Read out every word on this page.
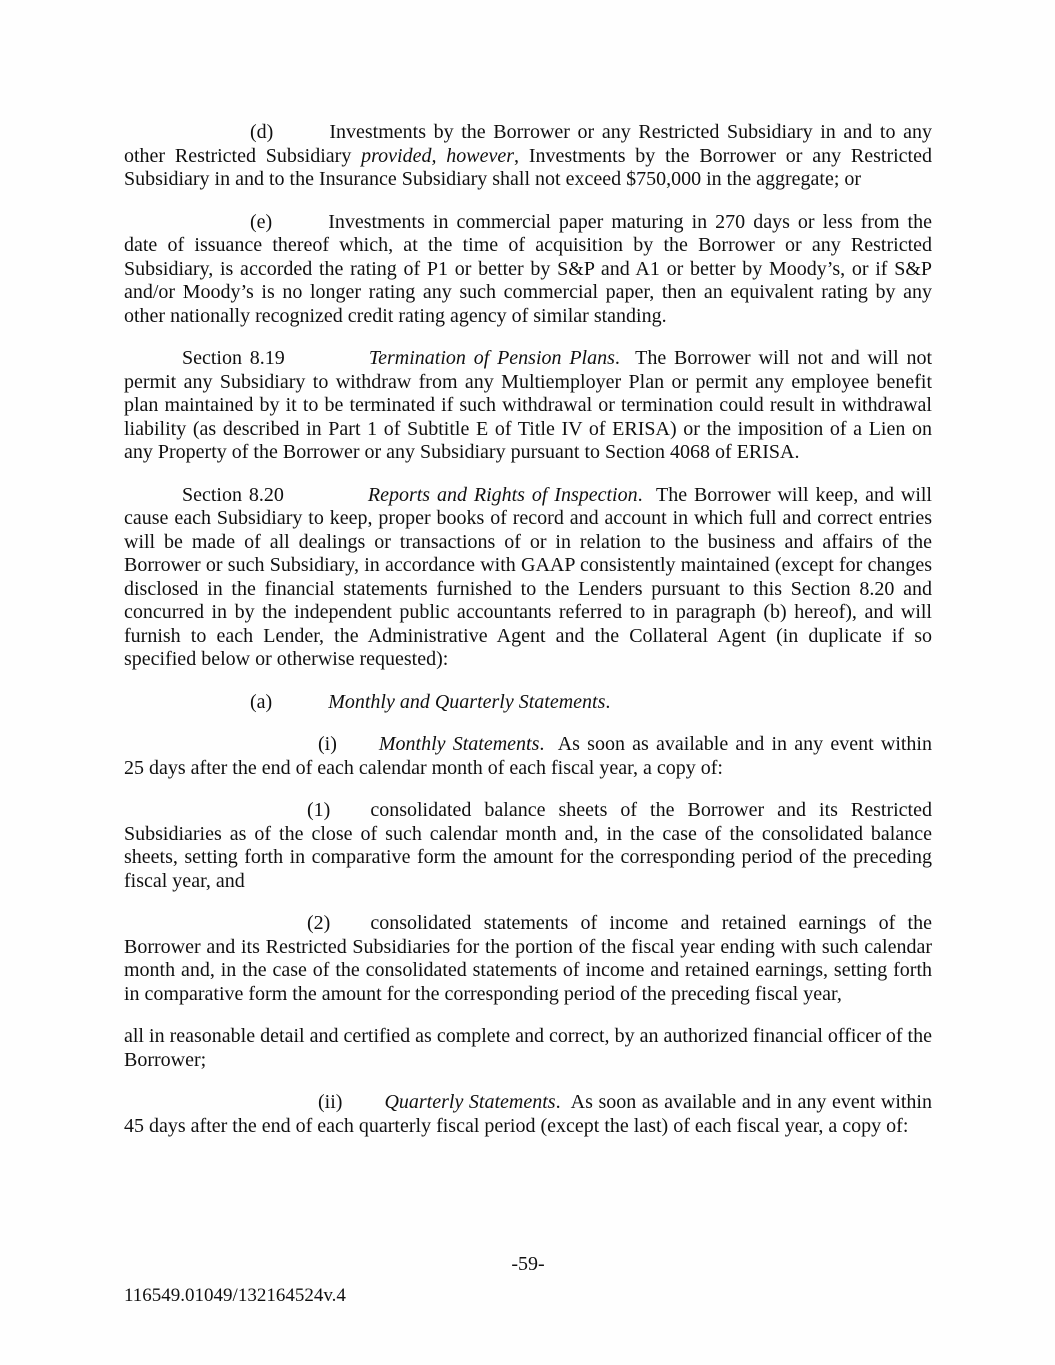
(d)	Investments by the Borrower or any Restricted Subsidiary in and to any other Restricted Subsidiary provided, however, Investments by the Borrower or any Restricted Subsidiary in and to the Insurance Subsidiary shall not exceed $750,000 in the aggregate; or

(e)	Investments in commercial paper maturing in 270 days or less from the date of issuance thereof which, at the time of acquisition by the Borrower or any Restricted Subsidiary, is accorded the rating of P1 or better by S&P and A1 or better by Moody’s, or if S&P and/or Moody’s is no longer rating any such commercial paper, then an equivalent rating by any other nationally recognized credit rating agency of similar standing.

Section 8.19	Termination of Pension Plans.  The Borrower will not and will not permit any Subsidiary to withdraw from any Multiemployer Plan or permit any employee benefit plan maintained by it to be terminated if such withdrawal or termination could result in withdrawal liability (as described in Part 1 of Subtitle E of Title IV of ERISA) or the imposition of a Lien on any Property of the Borrower or any Subsidiary pursuant to Section 4068 of ERISA.

Section 8.20	Reports and Rights of Inspection.  The Borrower will keep, and will cause each Subsidiary to keep, proper books of record and account in which full and correct entries will be made of all dealings or transactions of or in relation to the business and affairs of the Borrower or such Subsidiary, in accordance with GAAP consistently maintained (except for changes disclosed in the financial statements furnished to the Lenders pursuant to this Section 8.20 and concurred in by the independent public accountants referred to in paragraph (b) hereof), and will furnish to each Lender, the Administrative Agent and the Collateral Agent (in duplicate if so specified below or otherwise requested):

(a)	Monthly and Quarterly Statements.

(i) Monthly Statements.  As soon as available and in any event within 25 days after the end of each calendar month of each fiscal year, a copy of:

(1) consolidated balance sheets of the Borrower and its Restricted Subsidiaries as of the close of such calendar month and, in the case of the consolidated balance sheets, setting forth in comparative form the amount for the corresponding period of the preceding fiscal year, and

(2) consolidated statements of income and retained earnings of the Borrower and its Restricted Subsidiaries for the portion of the fiscal year ending with such calendar month and, in the case of the consolidated statements of income and retained earnings, setting forth in comparative form the amount for the corresponding period of the preceding fiscal year,

all in reasonable detail and certified as complete and correct, by an authorized financial officer of the Borrower;

(ii) Quarterly Statements.  As soon as available and in any event within 45 days after the end of each quarterly fiscal period (except the last) of each fiscal year, a copy of:

-59-
116549.01049/132164524v.4
